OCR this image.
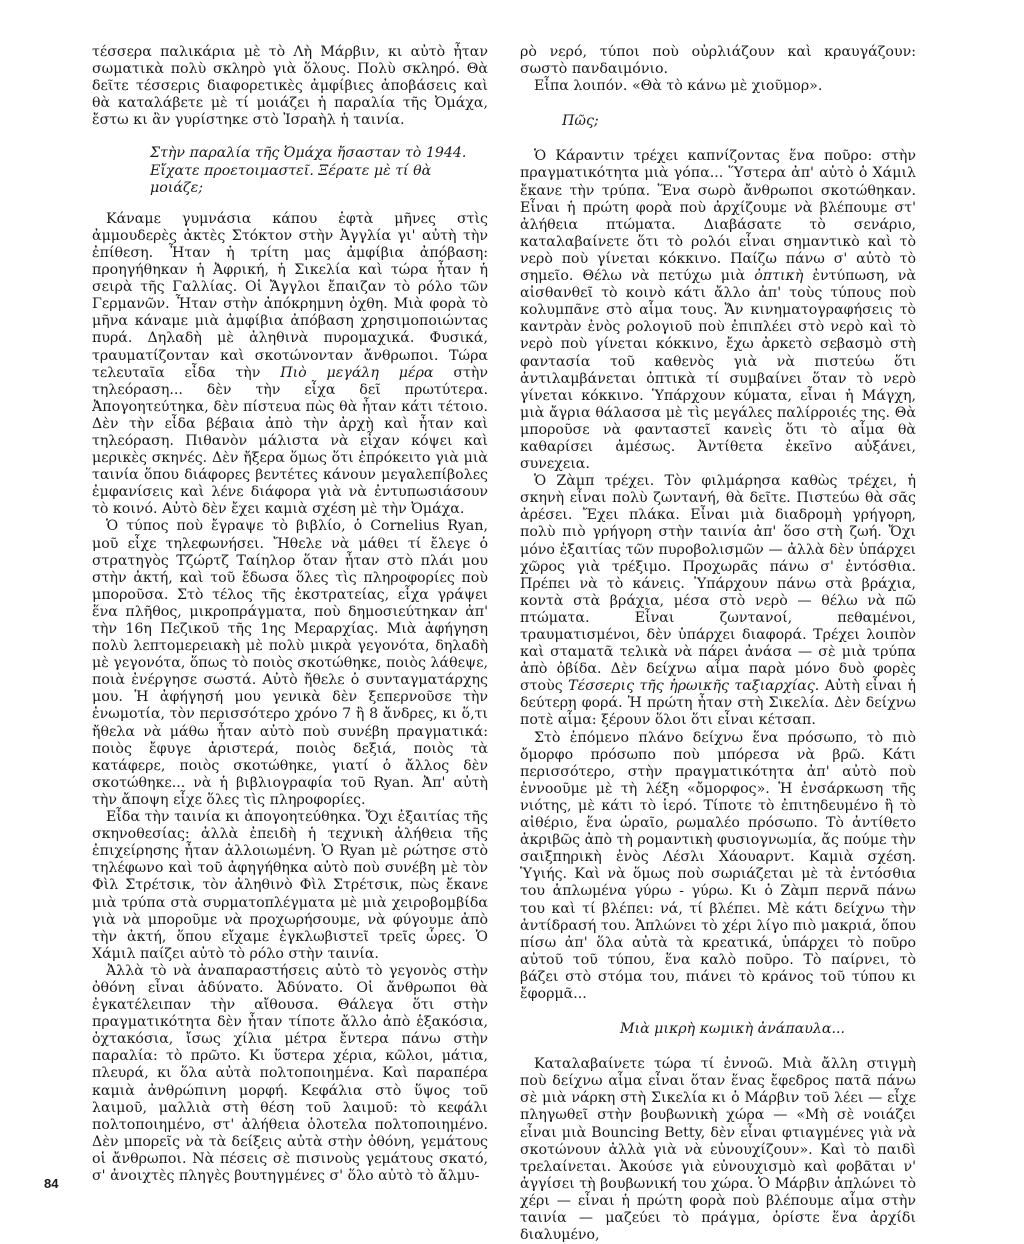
τέσσερα παλικάρια μὲ τὸ Λὴ Μάρβιν, κι αὐτὸ ἦταν σωματικὰ πολὺ σκληρὸ γιὰ ὅλους. Πολὺ σκληρό. Θὰ δεῖτε τέσσερις διαφορετικὲς ἀμφίβιες ἀποβάσεις καὶ θὰ καταλάβετε μὲ τί μοιάζει ἡ παραλία τῆς Ὀμάχα, ἔστω κι ἂν γυρίστηκε στὸ Ἰσραὴλ ἡ ταινία.

Στὴν παραλία τῆς Ὀμάχα ἤσασταν τὸ 1944. Εἴχατε προετοιμαστεῖ. Ξέρατε μὲ τί θὰ μοιάζε;

Κάναμε γυμνάσια κάπου ἑφτὰ μῆνες στὶς ἀμμουδερὲς ἀκτὲς Στόκτον στὴν Ἀγγλία γι' αὐτὴ τὴν ἐπίθεση. Ἦταν ἡ τρίτη μας ἀμφίβια ἀπόβαση: προηγήθηκαν ἡ Ἀφρική, ἡ Σικελία καὶ τώρα ἦταν ἡ σειρὰ τῆς Γαλλίας. Οἱ Ἄγγλοι ἔπαιζαν τὸ ρόλο τῶν Γερμανῶν. Ἦταν στὴν ἀπόκρημνη ὀχθη. Μιὰ φορὰ τὸ μῆνα κάναμε μιὰ ἀμφίβια ἀπόβαση χρησιμοποιώντας πυρά. Δηλαδὴ μὲ ἀληθινὰ πυρομαχικά. Φυσικά, τραυματίζονταν καὶ σκοτώνονταν ἄνθρωποι. Τώρα τελευταῖα εἶδα τὴν Πιὸ μεγάλη μέρα στὴν τηλεόραση... δὲν τὴν εἶχα δεῖ πρωτύτερα. Ἀπογοητεύτηκα, δὲν πίστευα πὼς θὰ ἦταν κάτι τέτοιο. Δὲν τὴν εἶδα βέβαια ἀπὸ τὴν ἀρχὴ καὶ ἦταν καὶ τηλεόραση. Πιθανὸν μάλιστα νὰ εἶχαν κόψει καὶ μερικὲς σκηνές. Δὲν ἤξερα ὅμως ὅτι ἐπρόκειτο γιὰ μιὰ ταινία ὅπου διάφορες βεντέτες κάνουν μεγαλεπίβολες ἐμφανίσεις καὶ λένε διάφορα γιὰ νὰ ἐντυπωσιάσουν τὸ κοινό. Αὐτὸ δὲν ἔχει καμιὰ σχέση μὲ τὴν Ὀμάχα.

Ὁ τύπος ποὺ ἔγραψε τὸ βιβλίο, ὁ Cornelius Ryan, μοῦ εἶχε τηλεφωνήσει. Ἤθελε νὰ μάθει τί ἔλεγε ὁ στρατηγὸς Τζώρτζ Ταίηλορ ὅταν ἦταν στὸ πλάι μου στὴν ἀκτή, καὶ τοῦ ἔδωσα ὅλες τὶς πληροφορίες ποὺ μποροῦσα. Στὸ τέλος τῆς ἐκστρατείας, εἶχα γράψει ἕνα πλῆθος, μικροπράγματα, ποὺ δημοσιεύτηκαν ἀπ' τὴν 16η Πεζικοῦ τῆς 1ης Μεραρχίας. Μιὰ ἀφήγηση πολὺ λεπτομερειακὴ μὲ πολὺ μικρὰ γεγονότα, δηλαδὴ μὲ γεγονότα, ὅπως τὸ ποιὸς σκοτώθηκε, ποιὸς λάθεψε, ποιὰ ἐνέργησε σωστά. Αὐτὸ ἤθελε ὁ συνταγματάρχης μου. Ἡ ἀφήγησή μου γενικὰ δὲν ξεπερνοῦσε τὴν ἐνωμοτία, τὸν περισσότερο χρόνο 7 ἢ 8 ἄνδρες, κι ὅ,τι ἤθελα νὰ μάθω ἦταν αὐτὸ ποὺ συνέβη πραγματικά: ποιὸς ἔφυγε ἀριστερά, ποιὸς δεξιά, ποιὸς τὰ κατάφερε, ποιὸς σκοτώθηκε, γιατί ὁ ἄλλος δὲν σκοτώθηκε... νὰ ἡ βιβλιογραφία τοῦ Ryan. Ἀπ' αὐτὴ τὴν ἄποψη εἶχε ὅλες τὶς πληροφορίες.

Εἶδα τὴν ταινία κι ἀπογοητεύθηκα. Ὄχι ἐξαιτίας τῆς σκηνοθεσίας: ἀλλὰ ἐπειδὴ ἡ τεχνικὴ ἀλήθεια τῆς ἐπιχείρησης ἦταν ἀλλοιωμένη. Ὁ Ryan μὲ ρώτησε στὸ τηλέφωνο καὶ τοῦ ἀφηγήθηκα αὐτὸ ποὺ συνέβη μὲ τὸν Φὶλ Στρέτσικ, τὸν ἀληθινὸ Φὶλ Στρέτσικ, πὼς ἔκανε μιὰ τρύπα στὰ συρματοπλέγματα μὲ μιὰ χειροβομβίδα γιὰ νὰ μποροῦμε νὰ προχωρήσουμε, νὰ φύγουμε ἀπὸ τὴν ἀκτή, ὅπου εἴχαμε ἐγκλωβιστεῖ τρεῖς ὧρες. Ὁ Χάμιλ παίζει αὐτὸ τὸ ρόλο στὴν ταινία.

Ἀλλὰ τὸ νὰ ἀναπαραστήσεις αὐτὸ τὸ γεγονὸς στὴν ὀθόνη εἶναι ἀδύνατο. Ἀδύνατο. Οἱ ἄνθρωποι θὰ ἐγκατέλειπαν τὴν αἴθουσα. Θάλεγα ὅτι στὴν πραγματικότητα δὲν ἦταν τίποτε ἄλλο ἀπὸ ἑξακόσια, ὀχτακόσια, ἴσως χίλια μέτρα ἔντερα πάνω στὴν παραλία: τὸ πρῶτο. Κι ὕστερα χέρια, κῶλοι, μάτια, πλευρά, κι ὅλα αὐτὰ πολτοποιημένα. Καὶ παραπέρα καμιὰ ἀνθρώπινη μορφή. Κεφάλια στὸ ὕψος τοῦ λαιμοῦ, μαλλιὰ στὴ θέση τοῦ λαιμοῦ: τὸ κεφάλι πολτοποιημένο, στ' ἀλήθεια ὁλοτελα πολτοποιημένο. Δὲν μπορεῖς νὰ τὰ δείξεις αὐτὰ στὴν ὀθόνη, γεμάτους οἱ ἄνθρωποι. Νὰ πέσεις σὲ πισινοὺς γεμάτους σκατό, σ' ἀνοιχτὲς πληγὲς βουτηγμένες σ' ὅλο αὐτὸ τὸ ἄλμυ-

ρὸ νερό, τύποι ποὺ οὐρλιάζουν καὶ κραυγάζουν: σωστὸ πανδαιμόνιο.

Εἶπα λοιπόν. «Θὰ τὸ κάνω μὲ χιοῦμορ».

Πῶς;

Ὁ Κάραντιν τρέχει καπνίζοντας ἕνα ποῦρο: στὴν πραγματικότητα μιὰ γόπα... Ὕστερα ἀπ' αὐτὸ ὁ Χάμιλ ἔκανε τὴν τρύπα. Ἕνα σωρὸ ἄνθρωποι σκοτώθηκαν. Εἶναι ἡ πρώτη φορὰ ποὺ ἀρχίζουμε νὰ βλέπουμε στ' ἀλήθεια πτώματα. Διαβάσατε τὸ σενάριο, καταλαβαίνετε ὅτι τὸ ρολόι εἶναι σημαντικὸ καὶ τὸ νερὸ ποὺ γίνεται κόκκινο. Παίζω πάνω σ' αὐτὸ τὸ σημεῖο. Θέλω νὰ πετύχω μιὰ ὀπτικὴ ἐντύπωση, νὰ αἰσθανθεῖ τὸ κοινὸ κάτι ἄλλο ἀπ' τοὺς τύπους ποὺ κολυμπᾶνε στὸ αἷμα τους. Ἄν κινηματογραφήσεις τὸ καντρὰν ἑνὸς ρολογιοῦ ποὺ ἐπιπλέει στὸ νερὸ καὶ τὸ νερὸ ποὺ γίνεται κόκκινο, ἔχω ἀρκετὸ σεβασμὸ στὴ φαντασία τοῦ καθενὸς γιὰ νὰ πιστεύω ὅτι ἀντιλαμβάνεται ὀπτικὰ τί συμβαίνει ὅταν τὸ νερὸ γίνεται κόκκινο. Ὑπάρχουν κύματα, εἶναι ἡ Μάγχη, μιὰ ἄγρια θάλασσα μὲ τὶς μεγάλες παλίρροιές της. Θὰ μποροῦσε νὰ φανταστεῖ κανεὶς ὅτι τὸ αἷμα θὰ καθαρίσει ἀμέσως. Ἀντίθετα ἐκεῖνο αὐξάνει, συνεχεια.

Ὁ Ζὰμπ τρέχει. Τὸν φιλμάρησα καθὼς τρέχει, ἡ σκηνὴ εἶναι πολὺ ζωντανή, θὰ δεῖτε. Πιστεύω θὰ σᾶς ἀρέσει. Ἔχει πλάκα. Εἶναι μιὰ διαδρομὴ γρήγορη, πολὺ πιὸ γρήγορη στὴν ταινία ἀπ' ὅσο στὴ ζωή. Ὄχι μόνο ἐξαιτίας τῶν πυροβολισμῶν — ἀλλὰ δὲν ὑπάρχει χῶρος γιὰ τρέξιμο. Προχωρᾶς πάνω σ' ἐντόσθια. Πρέπει νὰ τὸ κάνεις. Ὑπάρχουν πάνω στὰ βράχια, κοντὰ στὰ βράχια, μέσα στὸ νερὸ — θέλω νὰ πῶ πτώματα. Εἶναι ζωντανοί, πεθαμένοι, τραυματισμένοι, δὲν ὑπάρχει διαφορά. Τρέχει λοιπὸν καὶ σταματᾶ τελικὰ νὰ πάρει ἀνάσα — σὲ μιὰ τρύπα ἀπὸ ὀβίδα. Δὲν δείχνω αἷμα παρὰ μόνο δυὸ φορὲς στοὺς Τέσσερις τῆς ἡρωικῆς ταξιαρχίας. Αὐτὴ εἶναι ἡ δεύτερη φορά. Ἡ πρώτη ἦταν στὴ Σικελία. Δὲν δείχνω ποτὲ αἷμα: ξέρουν ὅλοι ὅτι εἶναι κέτσαπ.

Στὸ ἑπόμενο πλάνο δείχνω ἕνα πρόσωπο, τὸ πιὸ ὄμορφο πρόσωπο ποὺ μπόρεσα νὰ βρῶ. Κάτι περισσότερο, στὴν πραγματικότητα ἀπ' αὐτὸ ποὺ ἐννοοῦμε μὲ τὴ λέξη «ὄμορφος». Ἡ ἐνσάρκωση τῆς νιότης, μὲ κάτι τὸ ἱερό. Τίποτε τὸ ἐπιτηδευμένο ἢ τὸ αἰθέριο, ἕνα ὡραῖο, ρωμαλέο πρόσωπο. Τὸ ἀντίθετο ἀκριβῶς ἀπὸ τὴ ρομαντικὴ φυσιογνωμία, ἄς πούμε τὴν σαιξπηρικὴ ἑνὸς Λέσλι Χάουαρντ. Καμιὰ σχέση. Ὑγιής. Καὶ νὰ ὅμως ποὺ σωριάζεται μὲ τὰ ἐντόσθια του ἁπλωμένα γύρω - γύρω. Κι ὁ Ζὰμπ περνᾶ πάνω του καὶ τί βλέπει: νά, τί βλέπει. Μὲ κάτι δείχνω τὴν ἀντίδρασή του. Ἁπλώνει τὸ χέρι λίγο πιὸ μακριά, ὅπου πίσω ἀπ' ὅλα αὐτὰ τὰ κρεατικά, ὑπάρχει τὸ ποῦρο αὐτοῦ τοῦ τύπου, ἕνα καλὸ ποῦρο. Τὸ παίρνει, τὸ βάζει στὸ στόμα του, πιάνει τὸ κράνος τοῦ τύπου κι ἔφορμᾶ...

Μιὰ μικρὴ κωμικὴ ἀνάπαυλα...

Καταλαβαίνετε τώρα τί ἐννοῶ. Μιὰ ἄλλη στιγμὴ ποὺ δείχνω αἷμα εἶναι ὅταν ἕνας ἔφεδρος πατᾶ πάνω σὲ μιὰ νάρκη στὴ Σικελία κι ὁ Μάρβιν τοῦ λέει — εἶχε πληγωθεῖ στὴν βουβωνικὴ χώρα — «Μὴ σὲ νοιάζει εἶναι μιὰ Bouncing Betty, δὲν εἶναι φτιαγμένες γιὰ νὰ σκοτώνουν ἀλλὰ γιὰ νὰ εὐνουχίζουν». Καὶ τὸ παιδὶ τρελαίνεται. Ἀκούσε γιὰ εὐνουχισμὸ καὶ φοβᾶται ν' ἀγγίσει τὴ βουβωνική του χώρα. Ὁ Μάρβιν ἁπλώνει τὸ χέρι — εἶναι ἡ πρώτη φορὰ ποὺ βλέπουμε αἷμα στὴν ταινία — μαζεύει τὸ πράγμα, ὁρίστε ἕνα ἀρχίδι διαλυμένο,

84
